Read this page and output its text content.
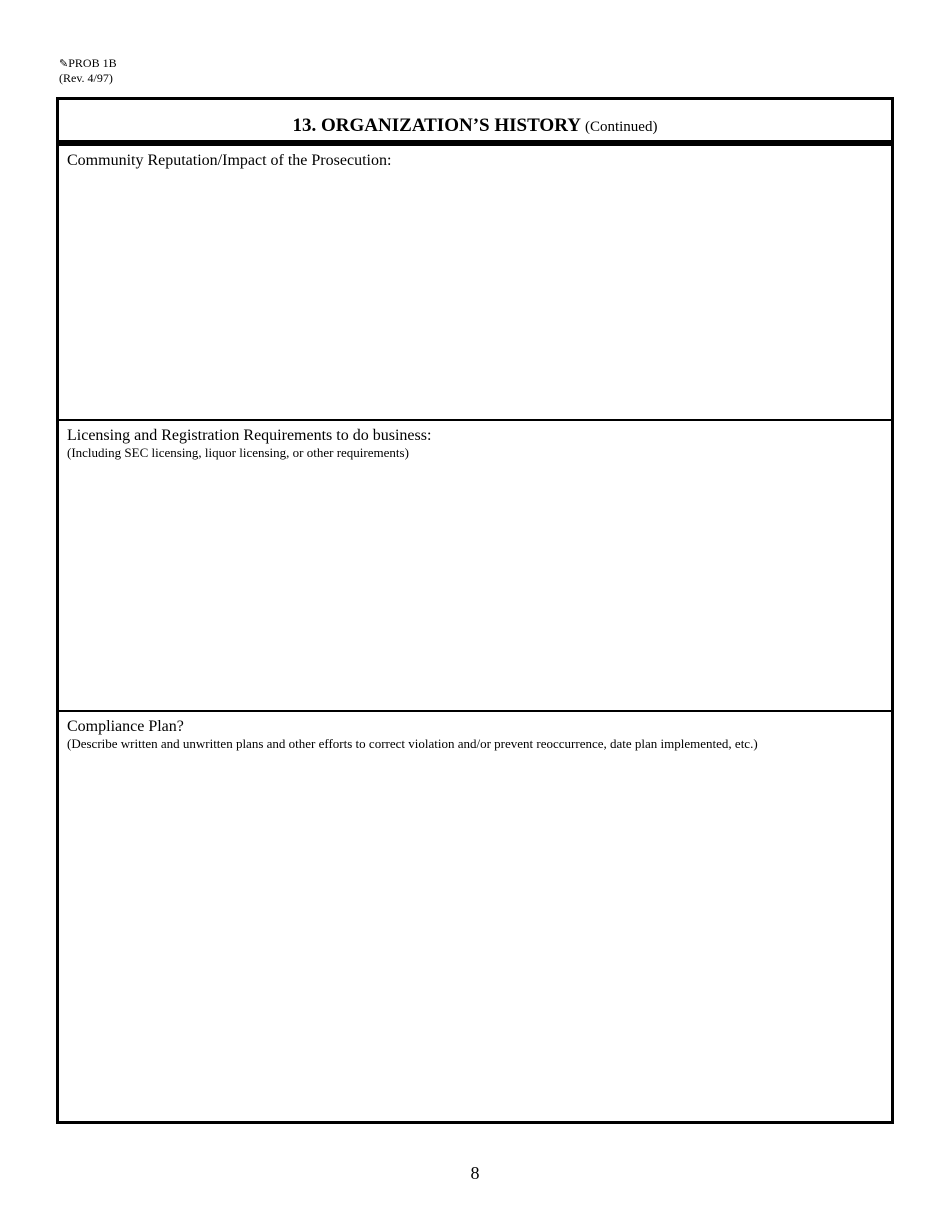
✎PROB 1B
(Rev. 4/97)
13. ORGANIZATION’S HISTORY (Continued)
Community Reputation/Impact of the Prosecution:
Licensing and Registration Requirements to do business:
(Including SEC licensing, liquor licensing, or other requirements)
Compliance Plan?
(Describe written and unwritten plans and other efforts to correct violation and/or prevent reoccurrence, date plan implemented, etc.)
8
